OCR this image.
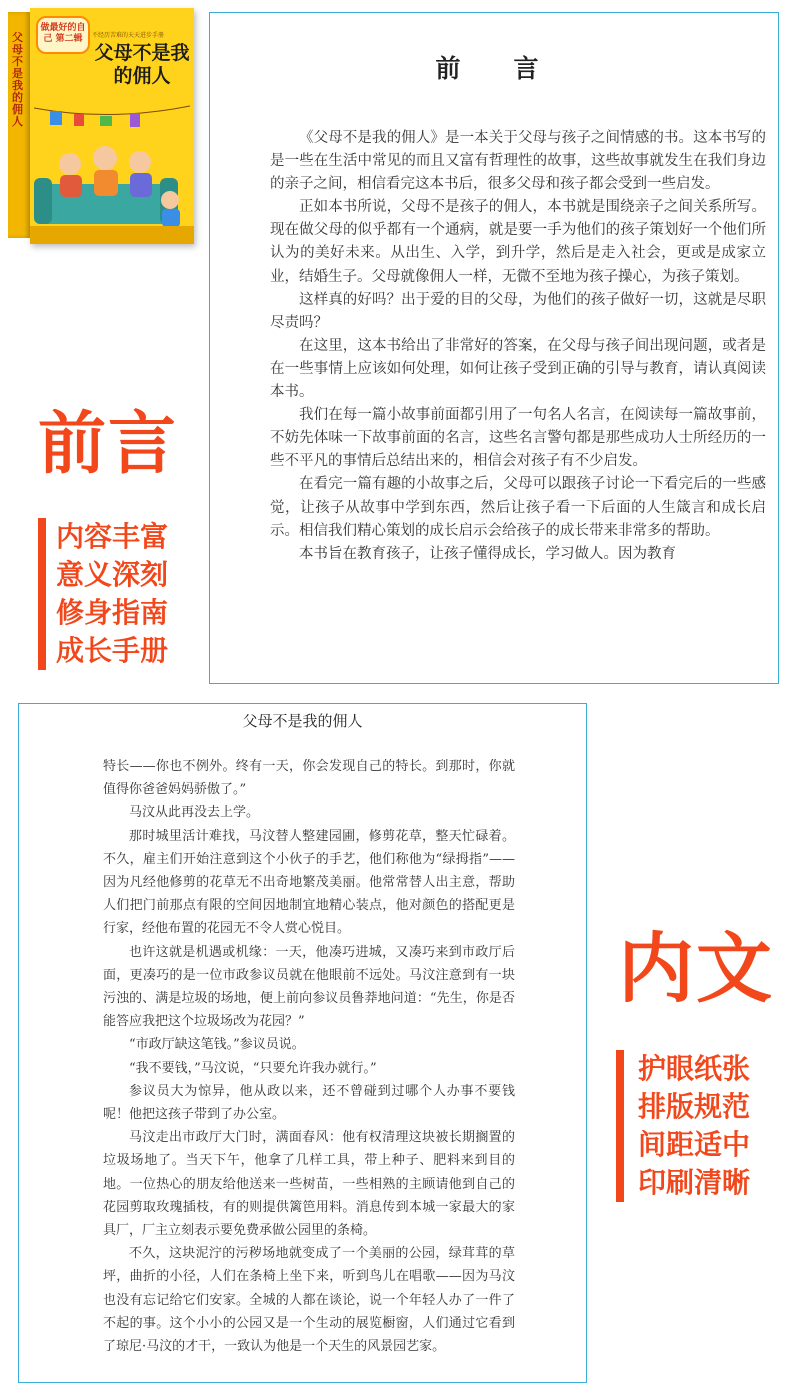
父母不是我的佣人
做最好的自己 第二辑	不经历苦难的天天进步手册
父母不是我的佣人	前　言

《父母不是我的佣人》是一本关于父母与孩子之间情感的书。这本书写的是一些在生活中常见的而且又富有哲理性的故事，这些故事就发生在我们身边的亲子之间，相信看完这本书后，很多父母和孩子都会受到一些启发。

正如本书所说，父母不是孩子的佣人，本书就是围绕亲子之间关系所写。现在做父母的似乎都有一个通病，就是要一手为他们的孩子策划好一个他们所认为的美好未来。从出生、入学，到升学，然后是走入社会，更或是成家立业，结婚生子。父母就像佣人一样，无微不至地为孩子操心，为孩子策划。

这样真的好吗？出于爱的目的父母，为他们的孩子做好一切，这就是尽职尽责吗？

在这里，这本书给出了非常好的答案，在父母与孩子间出现问题，或者是在一些事情上应该如何处理，如何让孩子受到正确的引导与教育，请认真阅读本书。

我们在每一篇小故事前面都引用了一句名人名言，在阅读每一篇故事前，不妨先体味一下故事前面的名言，这些名言警句都是那些成功人士所经历的一些不平凡的事情后总结出来的，相信会对孩子有不少启发。

在看完一篇有趣的小故事之后，父母可以跟孩子讨论一下看完后的一些感觉，让孩子从故事中学到东西，然后让孩子看一下后面的人生箴言和成长启示。相信我们精心策划的成长启示会给孩子的成长带来非常多的帮助。

本书旨在教育孩子，让孩子懂得成长，学习做人。因为教育

前言
内容丰富
意义深刻
修身指南
成长手册
父母不是我的佣人

特长——你也不例外。终有一天，你会发现自己的特长。到那时，你就值得你爸爸妈妈骄傲了。”

马汶从此再没去上学。

那时城里活计难找，马汶替人整建园圃，修剪花草，整天忙碌着。不久，雇主们开始注意到这个小伙子的手艺，他们称他为“绿拇指”——因为凡经他修剪的花草无不出奇地繁茂美丽。他常常替人出主意，帮助人们把门前那点有限的空间因地制宜地精心装点，他对颜色的搭配更是行家，经他布置的花园无不令人赏心悦目。

也许这就是机遇或机缘：一天，他凑巧进城，又凑巧来到市政厅后面，更凑巧的是一位市政参议员就在他眼前不远处。马汶注意到有一块污浊的、满是垃圾的场地，便上前向参议员鲁莽地问道：“先生，你是否能答应我把这个垃圾场改为花园？”

“市政厅缺这笔钱。”参议员说。

“我不要钱，”马汶说，“只要允许我办就行。”

参议员大为惊异，他从政以来，还不曾碰到过哪个人办事不要钱呢！他把这孩子带到了办公室。

马汶走出市政厅大门时，满面春风：他有权清理这块被长期搁置的垃圾场地了。当天下午，他拿了几样工具，带上种子、肥料来到目的地。一位热心的朋友给他送来一些树苗，一些相熟的主顾请他到自己的花园剪取玫瑰插枝，有的则提供篱笆用料。消息传到本城一家最大的家具厂，厂主立刻表示要免费承做公园里的条椅。

不久，这块泥泞的污秽场地就变成了一个美丽的公园，绿茸茸的草坪，曲折的小径，人们在条椅上坐下来，听到鸟儿在唱歌——因为马汶也没有忘记给它们安家。全城的人都在谈论，说一个年轻人办了一件了不起的事。这个小小的公园又是一个生动的展览橱窗，人们通过它看到了琼尼·马汶的才干，一致认为他是一个天生的风景园艺家。

内文
护眼纸张
排版规范
间距适中
印刷清晰
